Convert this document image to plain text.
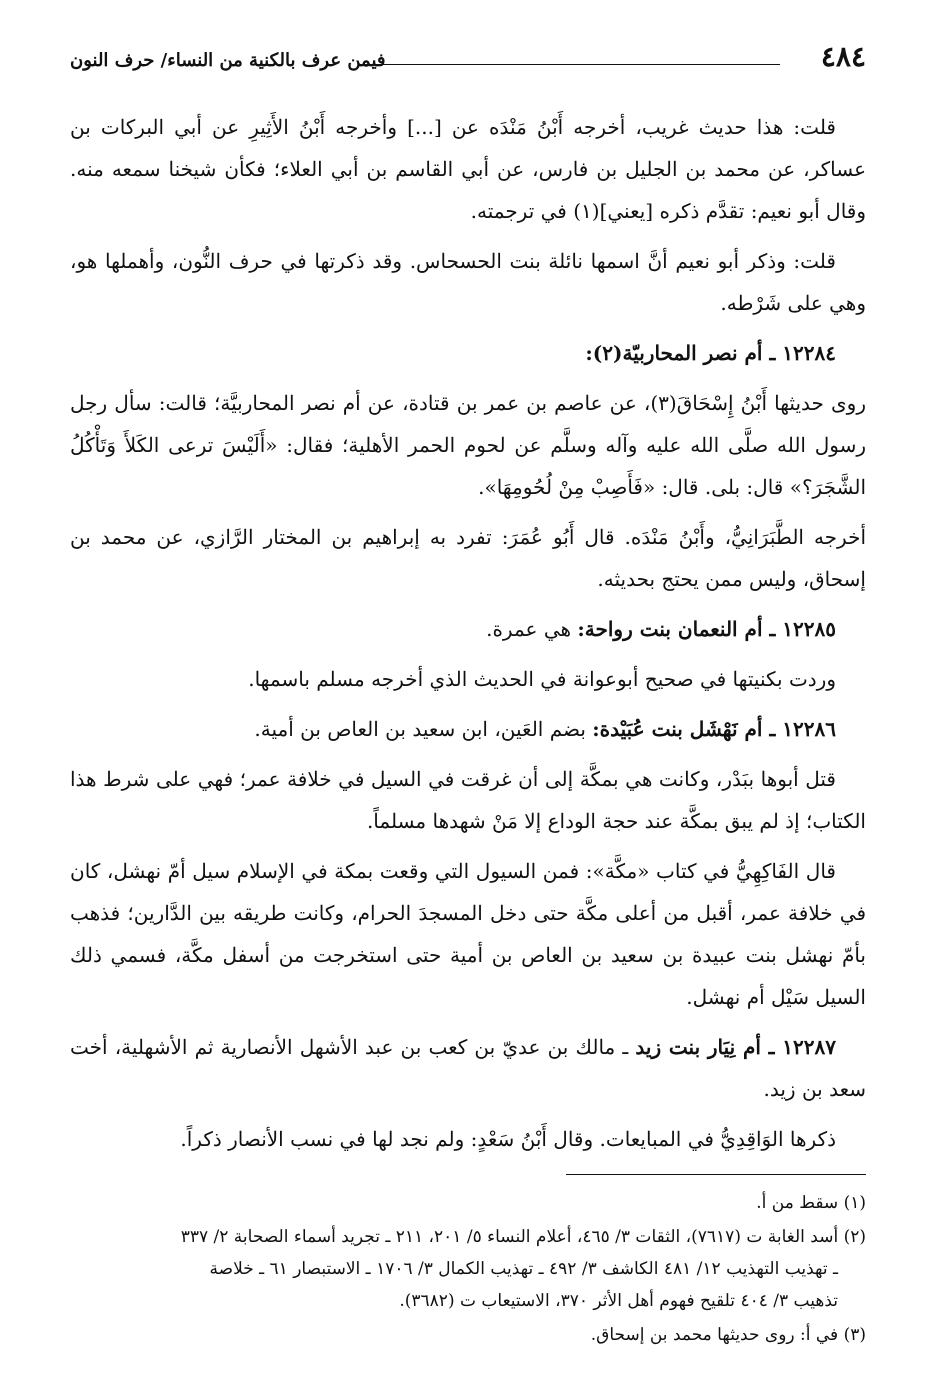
٤٨٤
فيمن عرف بالكنية من النساء/ حرف النون

قلت: هذا حديث غريب، أخرجه أَبْنُ مَنْدَه عن [...] وأخرجه أَبْنُ الأَثِيرِ عن أبي البركات بن عساكر، عن محمد بن الجليل بن فارس، عن أبي القاسم بن أبي العلاء؛ فكأن شيخنا سمعه منه. وقال أبو نعيم: تقدَّم ذكره [يعني](١) في ترجمته.

قلت: وذكر أبو نعيم أنَّ اسمها نائلة بنت الحسحاس. وقد ذكرتها في حرف النُّون، وأهملها هو، وهي على شَرْطه.

١٢٢٨٤ ـ أم نصر المحاربيّة(٢):

روى حديثها أَبْنُ إِسْحَاقَ(٣)، عن عاصم بن عمر بن قتادة، عن أم نصر المحاربيَّة؛ قالت: سأل رجل رسول الله صلَّى الله عليه وآله وسلَّم عن لحوم الحمر الأهلية؛ فقال: «أَلَيْسَ ترعى الكَلأَ وَتَأْكُلُ الشَّجَرَ؟» قال: بلى. قال: «فَأَصِبْ مِنْ لُحُومِهَا».

أخرجه الطَّبَرَانِيُّ، وأَبْنُ مَنْدَه. قال أَبُو عُمَرَ: تفرد به إبراهيم بن المختار الرَّازي، عن محمد بن إسحاق، وليس ممن يحتج بحديثه.

١٢٢٨٥ ـ أم النعمان بنت رواحة: هي عمرة.

وردت بكنيتها في صحيح أبوعوانة في الحديث الذي أخرجه مسلم باسمها.

١٢٢٨٦ ـ أم نَهْشَل بنت عُبَيْدة: بضم العَين، ابن سعيد بن العاص بن أمية.

قتل أبوها ببَدْر، وكانت هي بمكَّة إلى أن غرقت في السيل في خلافة عمر؛ فهي على شرط هذا الكتاب؛ إذ لم يبق بمكَّة عند حجة الوداع إلا مَنْ شهدها مسلماً.

قال الفَاكِهِيُّ في كتاب «مكَّة»: فمن السيول التي وقعت بمكة في الإسلام سيل أمّ نهشل، كان في خلافة عمر، أقبل من أعلى مكَّة حتى دخل المسجدَ الحرام، وكانت طريقه بين الدَّارين؛ فذهب بأمّ نهشل بنت عبيدة بن سعيد بن العاص بن أمية حتى استخرجت من أسفل مكَّة، فسمي ذلك السيل سَيْل أم نهشل.

١٢٢٨٧ ـ أم نِيَار بنت زيد ـ مالك بن عديّ بن كعب بن عبد الأشهل الأنصارية ثم الأشهلية، أخت سعد بن زيد.

ذكرها الوَاقِدِيُّ في المبايعات. وقال أَبْنُ سَعْدٍ: ولم نجد لها في نسب الأنصار ذكراً.

(١) سقط من أ.

(٢) أسد الغابة ت (٧٦١٧)، الثقات ٣/ ٤٦٥، أعلام النساء ٥/ ٢٠١، ٢١١ ـ تجريد أسماء الصحابة ٢/ ٣٣٧
ـ تهذيب التهذيب ١٢/ ٤٨١ الكاشف ٣/ ٤٩٢ ـ تهذيب الكمال ٣/ ١٧٠٦ ـ الاستبصار ٦١ ـ خلاصة
تذهيب ٣/ ٤٠٤ تلقيح فهوم أهل الأثر ٣٧٠، الاستيعاب ت (٣٦٨٢).

(٣) في أ: روى حديثها محمد بن إسحاق.
